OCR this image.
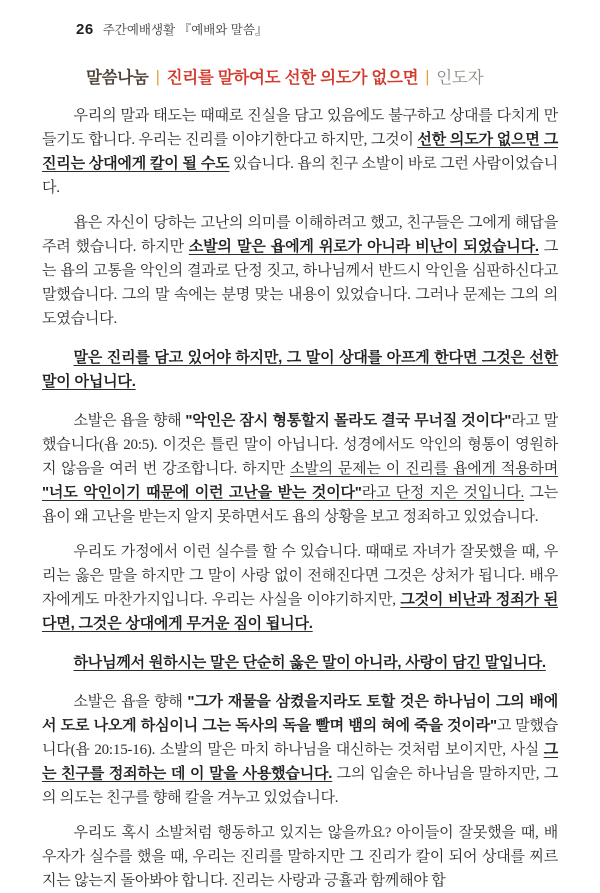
26 주간예배생활 『예배와 말씀』
말씀나눔 | 진리를 말하여도 선한 의도가 없으면 | 인도자

우리의 말과 태도는 때때로 진실을 담고 있음에도 불구하고 상대를 다치게 만들기도 합니다. 우리는 진리를 이야기한다고 하지만, 그것이 선한 의도가 없으면 그 진리는 상대에게 칼이 될 수도 있습니다. 욥의 친구 소발이 바로 그런 사람이었습니다.

욥은 자신이 당하는 고난의 의미를 이해하려고 했고, 친구들은 그에게 해답을 주려 했습니다. 하지만 소발의 말은 욥에게 위로가 아니라 비난이 되었습니다. 그는 욥의 고통을 악인의 결과로 단정 짓고, 하나님께서 반드시 악인을 심판하신다고 말했습니다. 그의 말 속에는 분명 맞는 내용이 있었습니다. 그러나 문제는 그의 의도였습니다.

말은 진리를 담고 있어야 하지만, 그 말이 상대를 아프게 한다면 그것은 선한 말이 아닙니다.

소발은 욥을 향해 "악인은 잠시 형통할지 몰라도 결국 무너질 것이다"라고 말했습니다(욥 20:5). 이것은 틀린 말이 아닙니다. 성경에서도 악인의 형통이 영원하지 않음을 여러 번 강조합니다. 하지만 소발의 문제는 이 진리를 욥에게 적용하며 "너도 악인이기 때문에 이런 고난을 받는 것이다"라고 단정 지은 것입니다. 그는 욥이 왜 고난을 받는지 알지 못하면서도 욥의 상황을 보고 정죄하고 있었습니다.

우리도 가정에서 이런 실수를 할 수 있습니다. 때때로 자녀가 잘못했을 때, 우리는 옳은 말을 하지만 그 말이 사랑 없이 전해진다면 그것은 상처가 됩니다. 배우자에게도 마찬가지입니다. 우리는 사실을 이야기하지만, 그것이 비난과 정죄가 된다면, 그것은 상대에게 무거운 짐이 됩니다.

하나님께서 원하시는 말은 단순히 옳은 말이 아니라, 사랑이 담긴 말입니다.

소발은 욥을 향해 "그가 재물을 삼켰을지라도 토할 것은 하나님이 그의 배에서 도로 나오게 하심이니 그는 독사의 독을 빨며 뱀의 혀에 죽을 것이라"고 말했습니다(욥 20:15-16). 소발의 말은 마치 하나님을 대신하는 것처럼 보이지만, 사실 그는 친구를 정죄하는 데 이 말을 사용했습니다. 그의 입술은 하나님을 말하지만, 그의 의도는 친구를 향해 칼을 겨누고 있었습니다.

우리도 혹시 소발처럼 행동하고 있지는 않을까요? 아이들이 잘못했을 때, 배우자가 실수를 했을 때, 우리는 진리를 말하지만 그 진리가 칼이 되어 상대를 찌르지는 않는지 돌아봐야 합니다. 진리는 사랑과 긍휼과 함께해야 합
